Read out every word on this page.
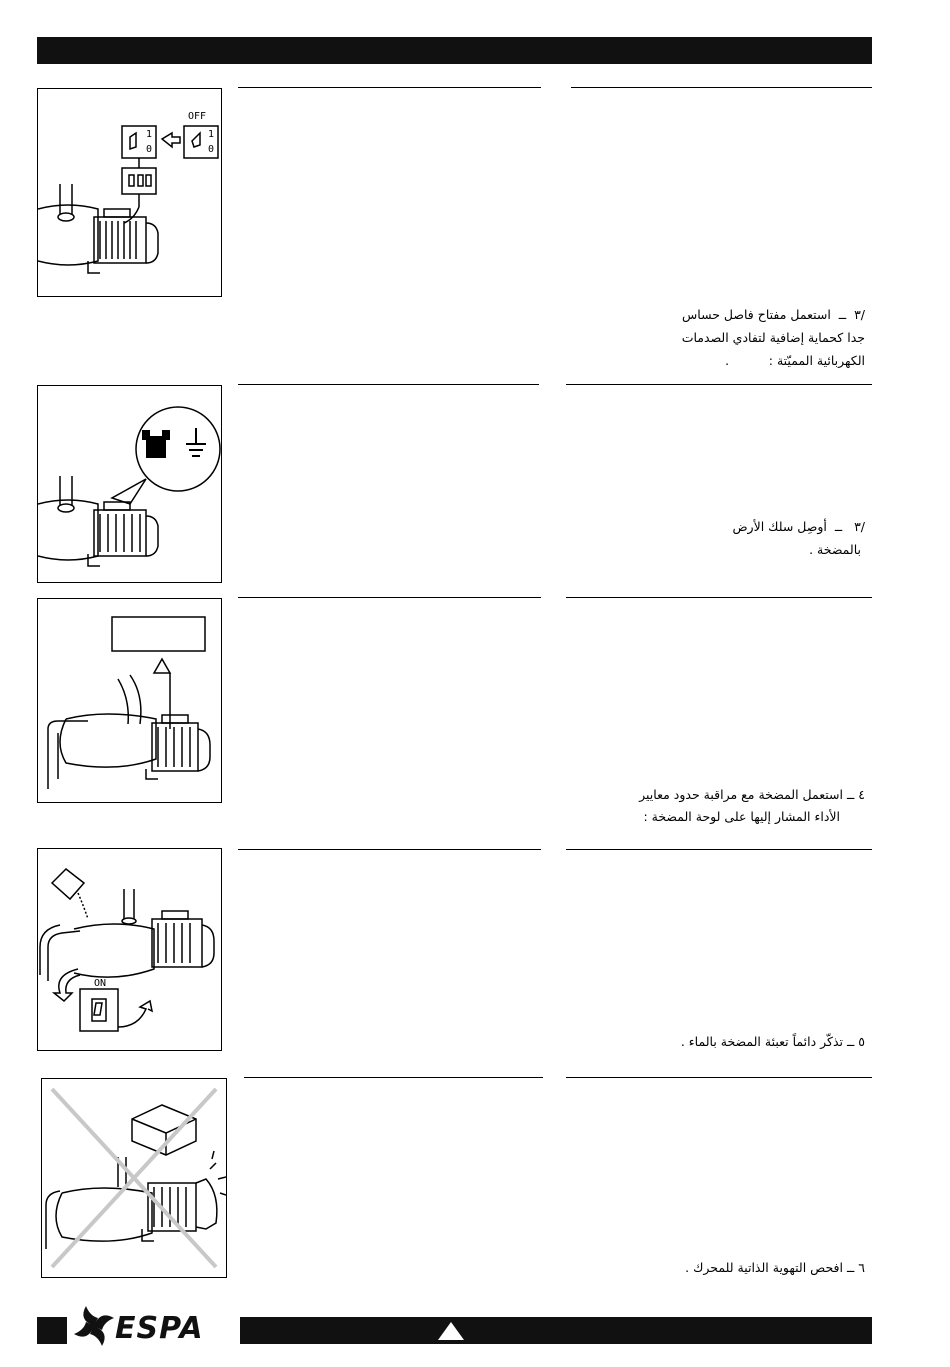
OFF
1
0
1
0
/٣  ــ  استعمل مفتاح فاصل حساس
جدا كحماية إضافية لتفادي الصدمات
الكهربائية المميّتة :          .
/٣   ــ  أوصِل سلك الأرض
بالمضخة .
٤ ــ استعمل المضخة مع مراقبة حدود معايير
الأداء المشار إليها على لوحة المضخة :
ON
٥ ــ تذكّر دائماً تعبئة المضخة بالماء .
٦ ــ افحص التهوية الذاتية للمحرك .
ESPA
